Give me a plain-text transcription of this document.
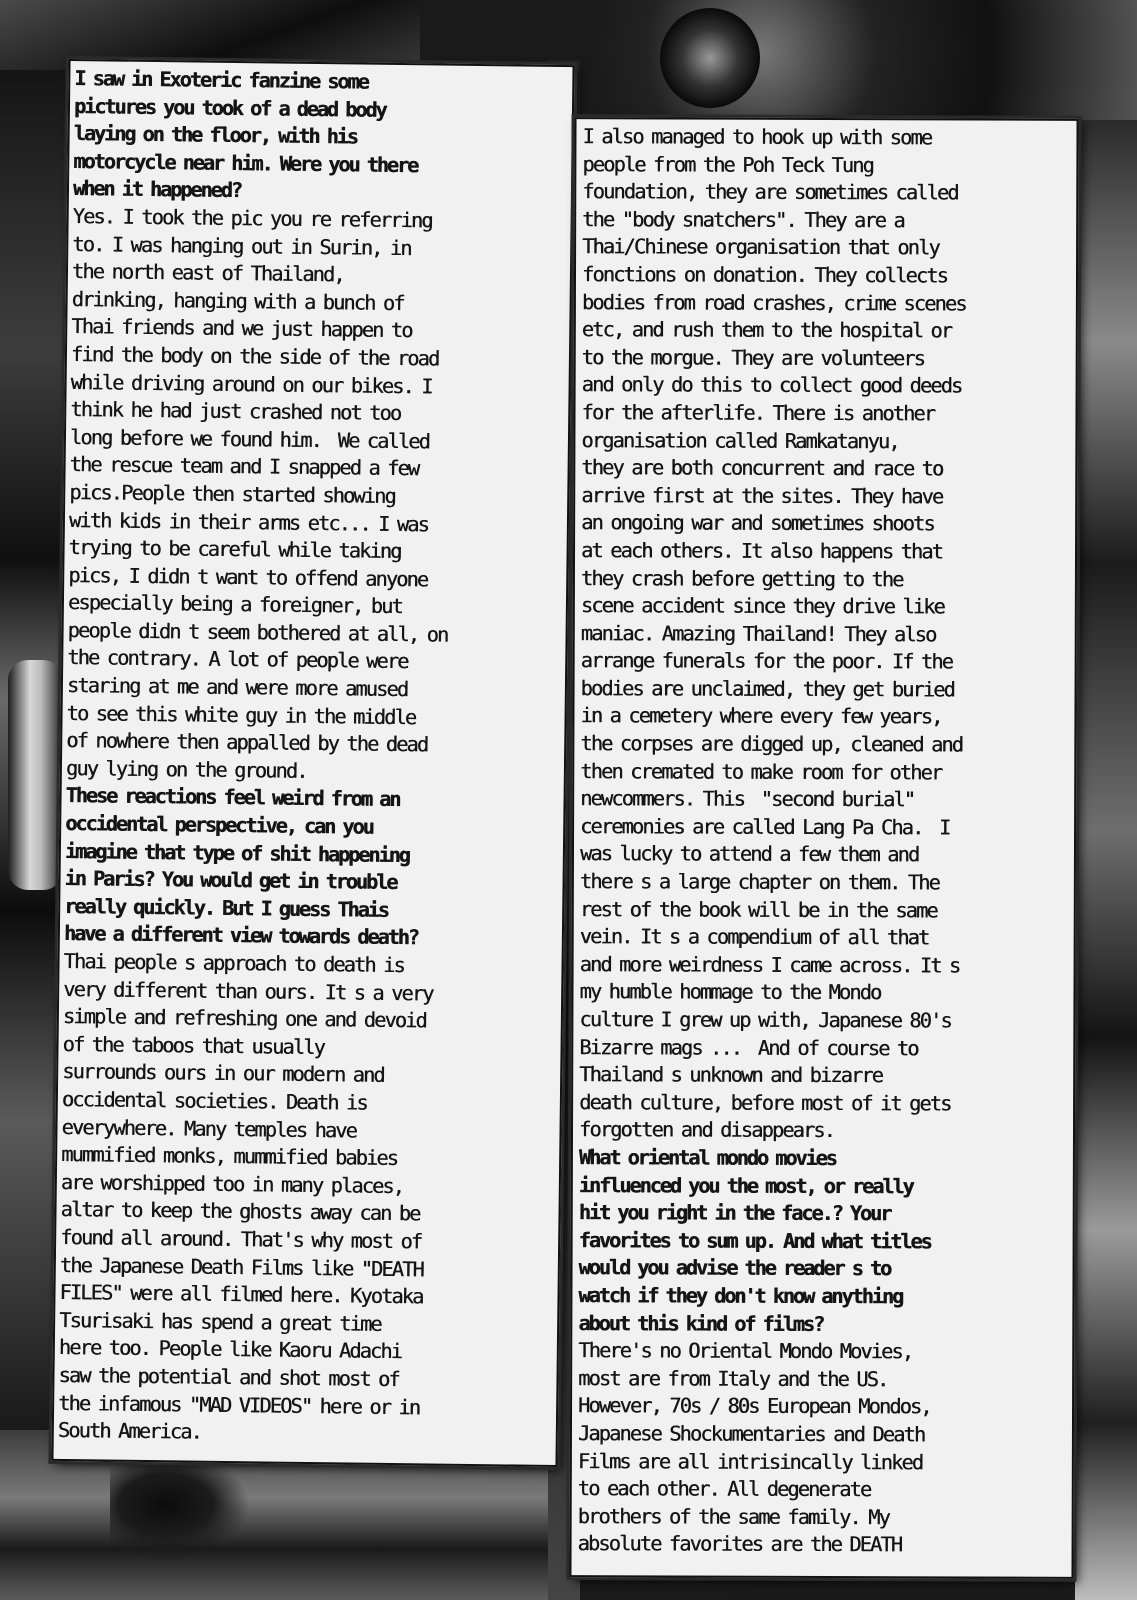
I saw in Exoteric fanzine some
pictures you took of a dead body
laying on the floor, with his
motorcycle near him. Were you there
when it happened?

Yes. I took the pic you re referring
to. I was hanging out in Surin, in
the north east of Thailand,
drinking, hanging with a bunch of
Thai friends and we just happen to
find the body on the side of the road
while driving around on our bikes. I
think he had just crashed not too
long before we found him.  We called
the rescue team and I snapped a few
pics.People then started showing
with kids in their arms etc... I was
trying to be careful while taking
pics, I didn t want to offend anyone
especially being a foreigner, but
people didn t seem bothered at all, on
the contrary. A lot of people were
staring at me and were more amused
to see this white guy in the middle
of nowhere then appalled by the dead
guy lying on the ground.

These reactions feel weird from an
occidental perspective, can you
imagine that type of shit happening
in Paris? You would get in trouble
really quickly. But I guess Thais
have a different view towards death?

Thai people s approach to death is
very different than ours. It s a very
simple and refreshing one and devoid
of the taboos that usually
surrounds ours in our modern and
occidental societies. Death is
everywhere. Many temples have
mummified monks, mummified babies
are worshipped too in many places,
altar to keep the ghosts away can be
found all around. That's why most of
the Japanese Death Films like "DEATH
FILES" were all filmed here. Kyotaka
Tsurisaki has spend a great time
here too. People like Kaoru Adachi
saw the potential and shot most of
the infamous "MAD VIDEOS" here or in
South America.

I also managed to hook up with some
people from the Poh Teck Tung
foundation, they are sometimes called
the "body snatchers". They are a
Thai/Chinese organisation that only
fonctions on donation. They collects
bodies from road crashes, crime scenes
etc, and rush them to the hospital or
to the morgue. They are volunteers
and only do this to collect good deeds
for the afterlife. There is another
organisation called Ramkatanyu,
they are both concurrent and race to
arrive first at the sites. They have
an ongoing war and sometimes shoots
at each others. It also happens that
they crash before getting to the
scene accident since they drive like
maniac. Amazing Thailand! They also
arrange funerals for the poor. If the
bodies are unclaimed, they get buried
in a cemetery where every few years,
the corpses are digged up, cleaned and
then cremated to make room for other
newcommers. This  "second burial"
ceremonies are called Lang Pa Cha.  I
was lucky to attend a few them and
there s a large chapter on them. The
rest of the book will be in the same
vein. It s a compendium of all that
and more weirdness I came across. It s
my humble hommage to the Mondo
culture I grew up with, Japanese 80's
Bizarre mags ...  And of course to
Thailand s unknown and bizarre
death culture, before most of it gets
forgotten and disappears.

What oriental mondo movies
influenced you the most, or really
hit you right in the face.? Your
favorites to sum up. And what titles
would you advise the reader s to
watch if they don't know anything
about this kind of films?

There's no Oriental Mondo Movies,
most are from Italy and the US.
However, 70s / 80s European Mondos,
Japanese Shockumentaries and Death
Films are all intrisincally linked
to each other. All degenerate
brothers of the same family. My
absolute favorites are the DEATH
